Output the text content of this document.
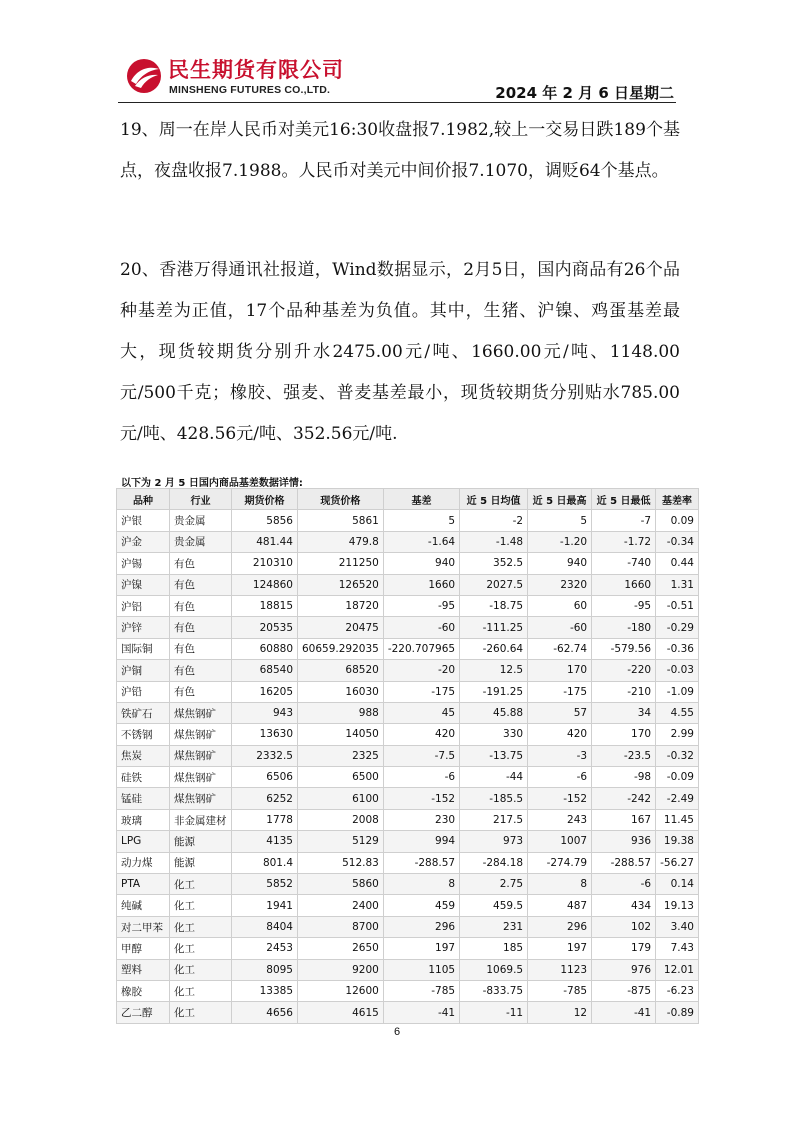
民生期货有限公司
MINSHENG FUTURES CO.,LTD.	2024 年 2 月 6 日星期二
19、周一在岸人民币对美元16:30收盘报7.1982,较上一交易日跌189个基点，夜盘收报7.1988。人民币对美元中间价报7.1070，调贬64个基点。
20、香港万得通讯社报道，Wind数据显示，2月5日，国内商品有26个品种基差为正值，17个品种基差为负值。其中，生猪、沪镍、鸡蛋基差最大，现货较期货分别升水2475.00元/吨、1660.00元/吨、1148.00元/500千克；橡胶、强麦、普麦基差最小，现货较期货分别贴水785.00元/吨、428.56元/吨、352.56元/吨.
以下为 2 月 5 日国内商品基差数据详情:
品种	行业	期货价格	现货价格	基差	近 5 日均值	近 5 日最高	近 5 日最低	基差率
沪银	贵金属	5856	5861	5	-2	5	-7	0.09
沪金	贵金属	481.44	479.8	-1.64	-1.48	-1.20	-1.72	-0.34
沪锡	有色	210310	211250	940	352.5	940	-740	0.44
沪镍	有色	124860	126520	1660	2027.5	2320	1660	1.31
沪铝	有色	18815	18720	-95	-18.75	60	-95	-0.51
沪锌	有色	20535	20475	-60	-111.25	-60	-180	-0.29
国际铜	有色	60880	60659.292035	-220.707965	-260.64	-62.74	-579.56	-0.36
沪铜	有色	68540	68520	-20	12.5	170	-220	-0.03
沪铅	有色	16205	16030	-175	-191.25	-175	-210	-1.09
铁矿石	煤焦钢矿	943	988	45	45.88	57	34	4.55
不锈钢	煤焦钢矿	13630	14050	420	330	420	170	2.99
焦炭	煤焦钢矿	2332.5	2325	-7.5	-13.75	-3	-23.5	-0.32
硅铁	煤焦钢矿	6506	6500	-6	-44	-6	-98	-0.09
锰硅	煤焦钢矿	6252	6100	-152	-185.5	-152	-242	-2.49
玻璃	非金属建材	1778	2008	230	217.5	243	167	11.45
LPG	能源	4135	5129	994	973	1007	936	19.38
动力煤	能源	801.4	512.83	-288.57	-284.18	-274.79	-288.57	-56.27
PTA	化工	5852	5860	8	2.75	8	-6	0.14
纯碱	化工	1941	2400	459	459.5	487	434	19.13
对二甲苯	化工	8404	8700	296	231	296	102	3.40
甲醇	化工	2453	2650	197	185	197	179	7.43
塑料	化工	8095	9200	1105	1069.5	1123	976	12.01
橡胶	化工	13385	12600	-785	-833.75	-785	-875	-6.23
乙二醇	化工	4656	4615	-41	-11	12	-41	-0.89
6
